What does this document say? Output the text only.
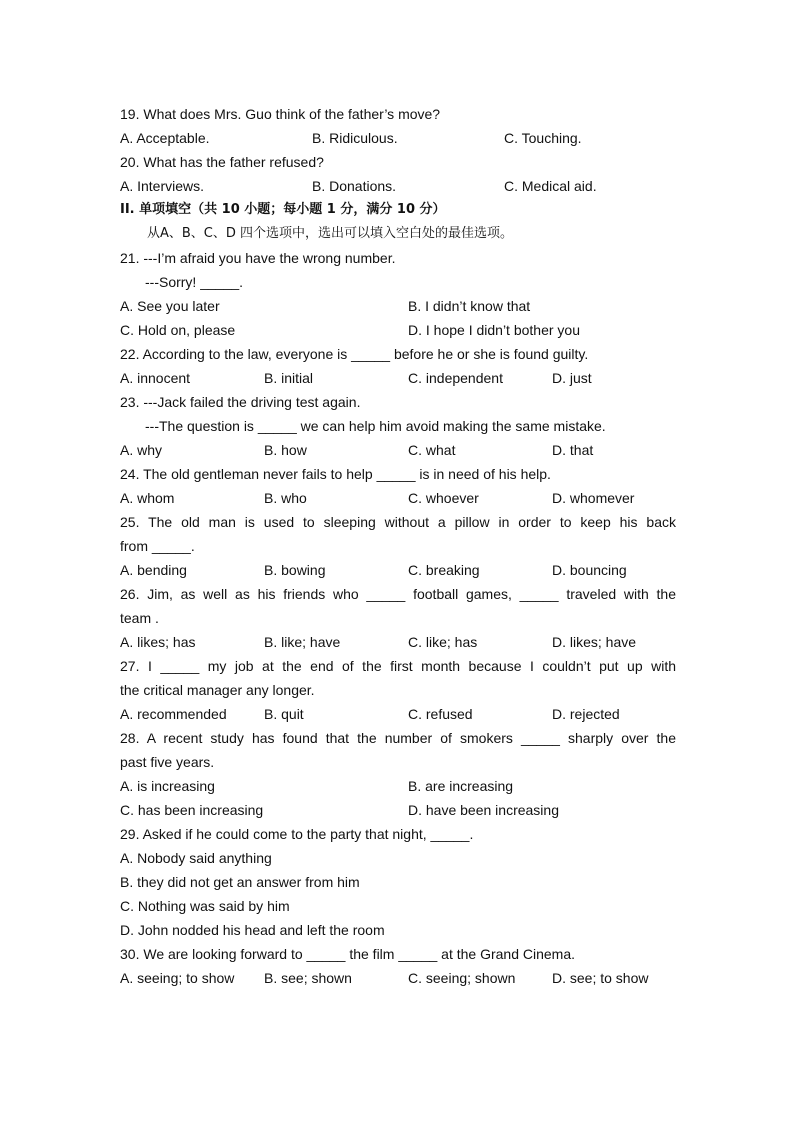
19. What does Mrs. Guo think of the father’s move?
A. Acceptable.	B. Ridiculous.	C. Touching.
20. What has the father refused?
A. Interviews.	B. Donations.	C. Medical aid.
II. 单项填空（共 10 小题；每小题 1 分，满分 10 分）
从A、B、C、D 四个选项中，选出可以填入空白处的最佳选项。
21. ---I’m afraid you have the wrong number.
---Sorry! _____.
A. See you later	B. I didn’t know that
C. Hold on, please	D. I hope I didn’t bother you
22. According to the law, everyone is _____ before he or she is found guilty.
A. innocent	B. initial	C. independent	D. just
23. ---Jack failed the driving test again.
---The question is _____ we can help him avoid making the same mistake.
A. why	B. how	C. what	D. that
24. The old gentleman never fails to help _____ is in need of his help.
A. whom	B. who	C. whoever	D. whomever
25. The old man is used to sleeping without a pillow in order to keep his back
from _____.
A. bending	B. bowing	C. breaking	D. bouncing
26. Jim, as well as his friends who _____ football games, _____ traveled with the
team .
A. likes; has	B. like; have	C. like; has	D. likes; have
27. I _____ my job at the end of the first month because I couldn’t put up with
the critical manager any longer.
A. recommended	B. quit	C. refused	D. rejected
28. A recent study has found that the number of smokers _____ sharply over the
past five years.
A. is increasing	B. are increasing
C. has been increasing	D. have been increasing
29. Asked if he could come to the party that night, _____.
A. Nobody said anything
B. they did not get an answer from him
C. Nothing was said by him
D. John nodded his head and left the room
30. We are looking forward to _____ the film _____ at the Grand Cinema.
A. seeing; to show B. see; shown	C. seeing; shown	D. see; to show
